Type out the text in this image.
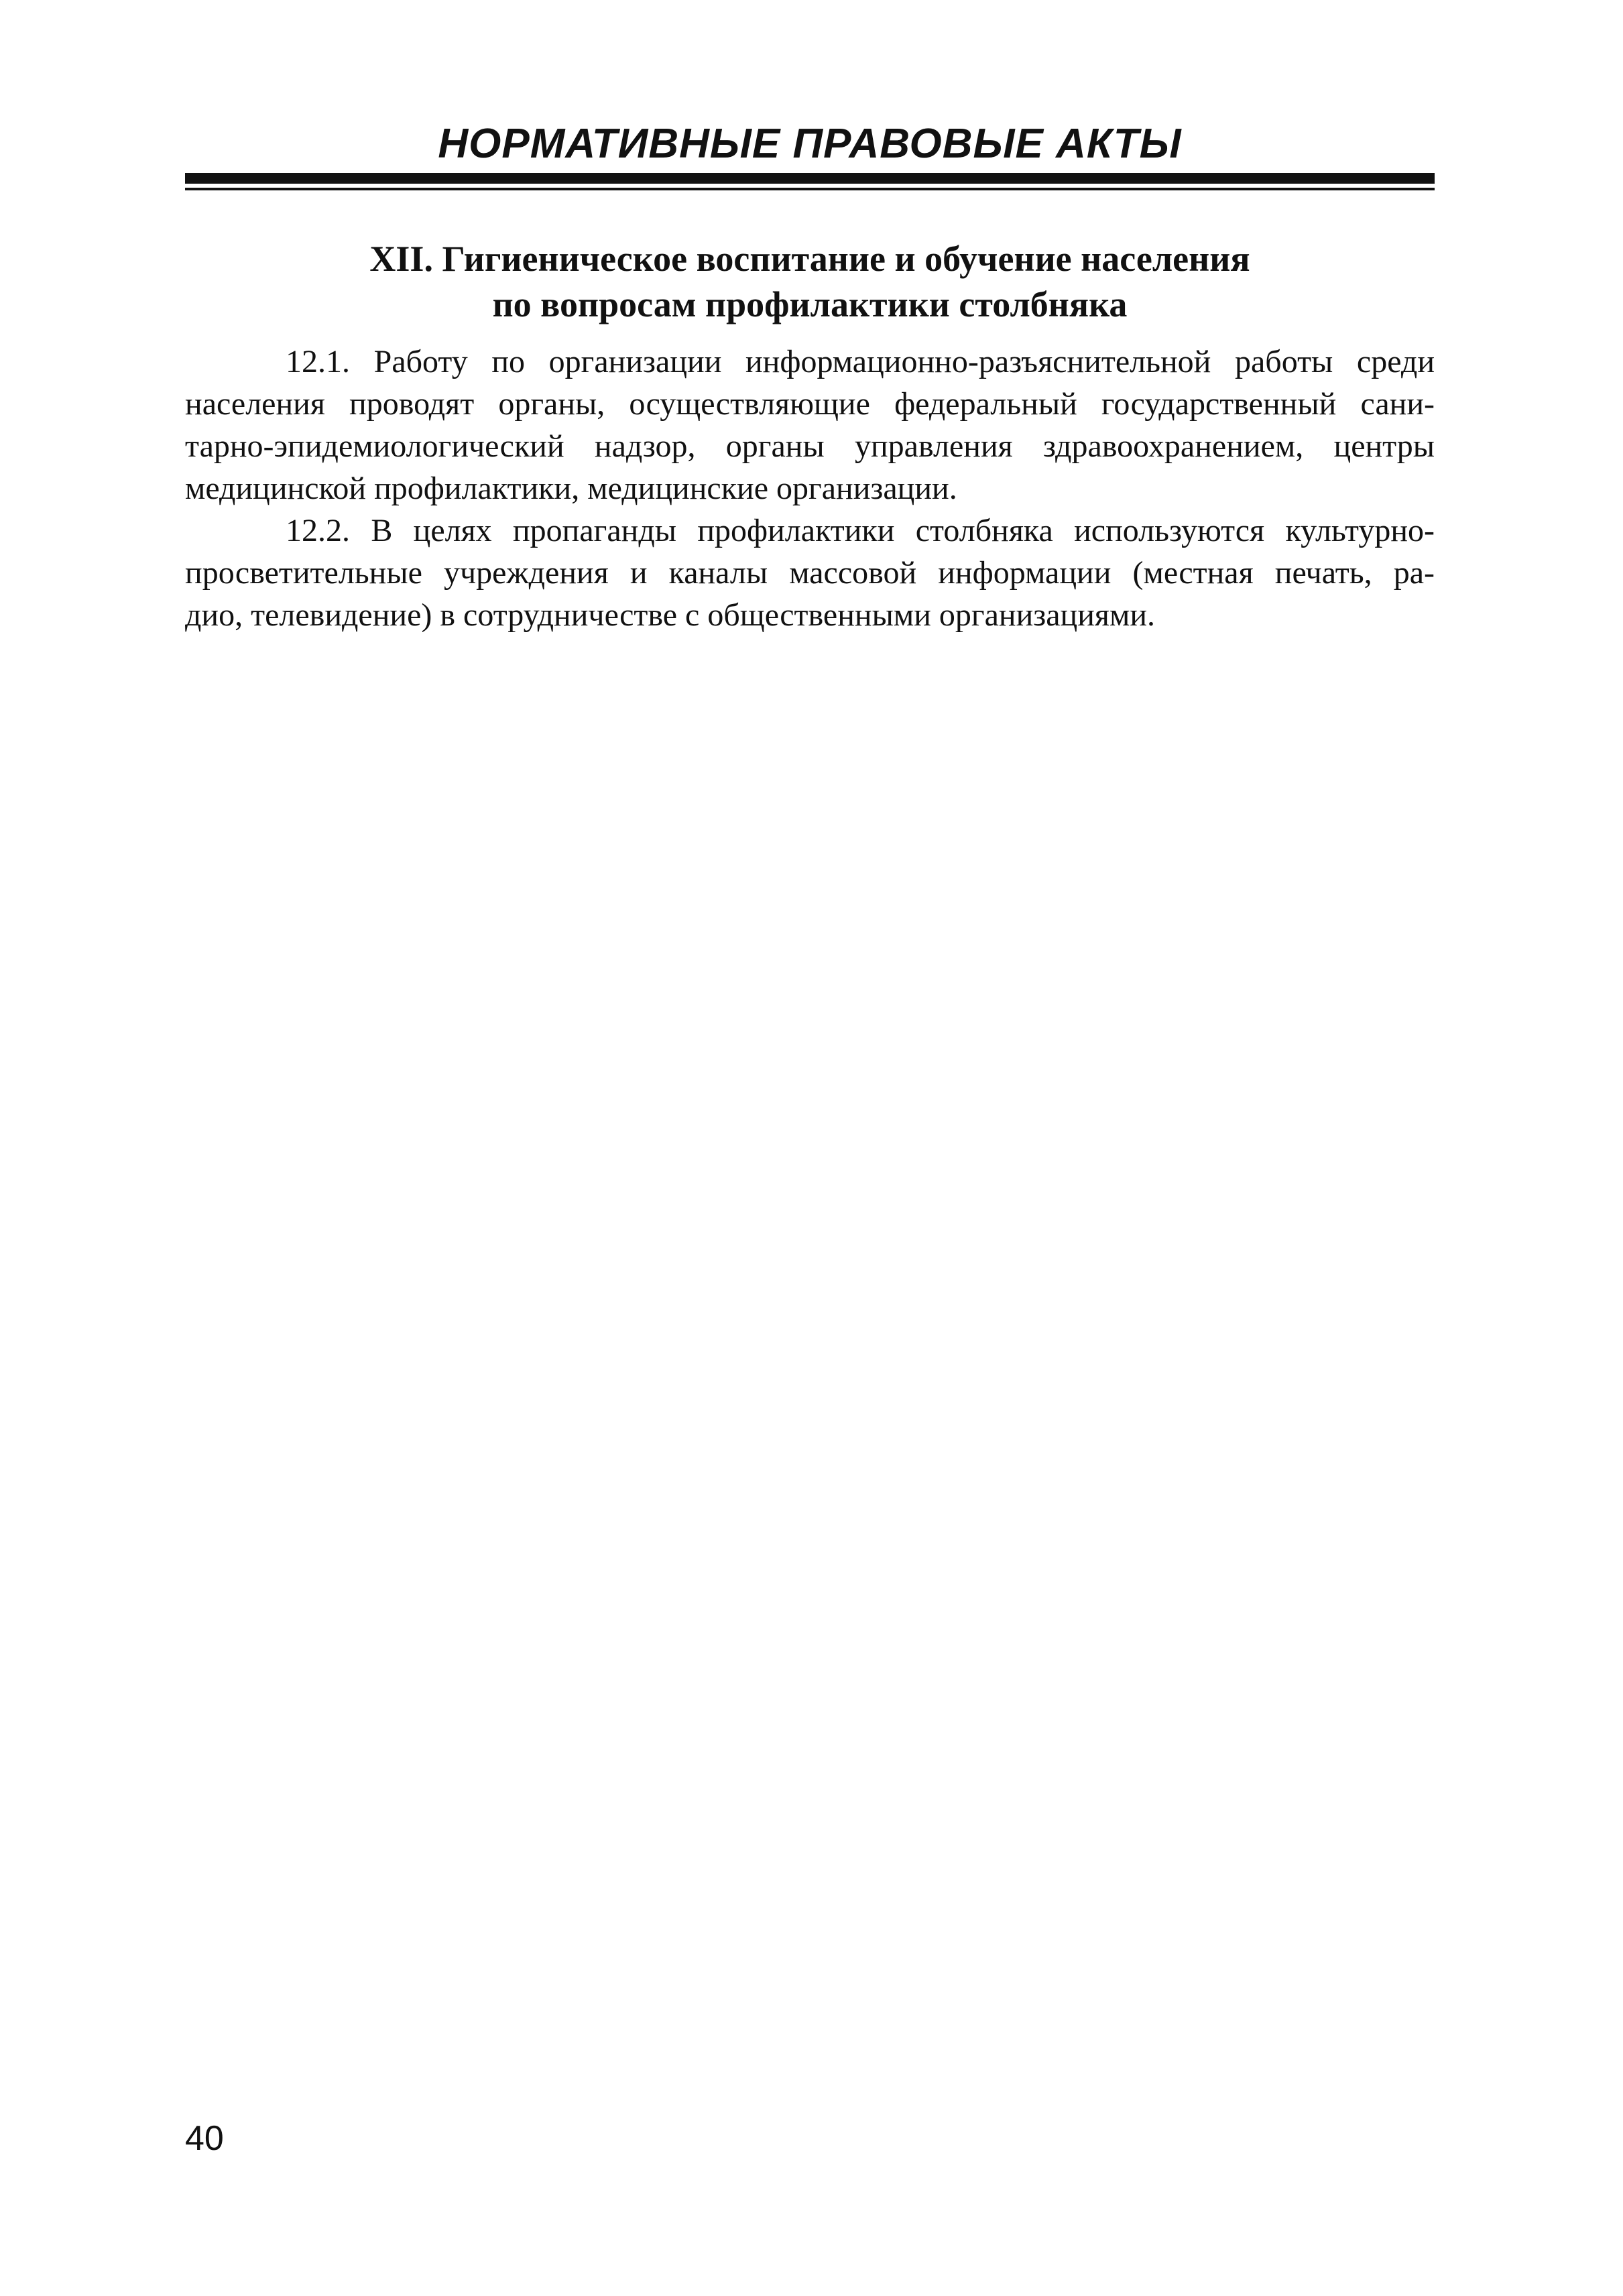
НОРМАТИВНЫЕ ПРАВОВЫЕ АКТЫ
XII. Гигиеническое воспитание и обучение населения
по вопросам профилактики столбняка
12.1. Работу по организации информационно-разъяснительной работы среди
населения проводят органы, осуществляющие федеральный государственный сани-
тарно-эпидемиологический надзор, органы управления здравоохранением, центры
медицинской профилактики, медицинские организации.
12.2. В целях пропаганды профилактики столбняка используются культурно-
просветительные учреждения и каналы массовой информации (местная печать, ра-
дио, телевидение) в сотрудничестве с общественными организациями.
40
